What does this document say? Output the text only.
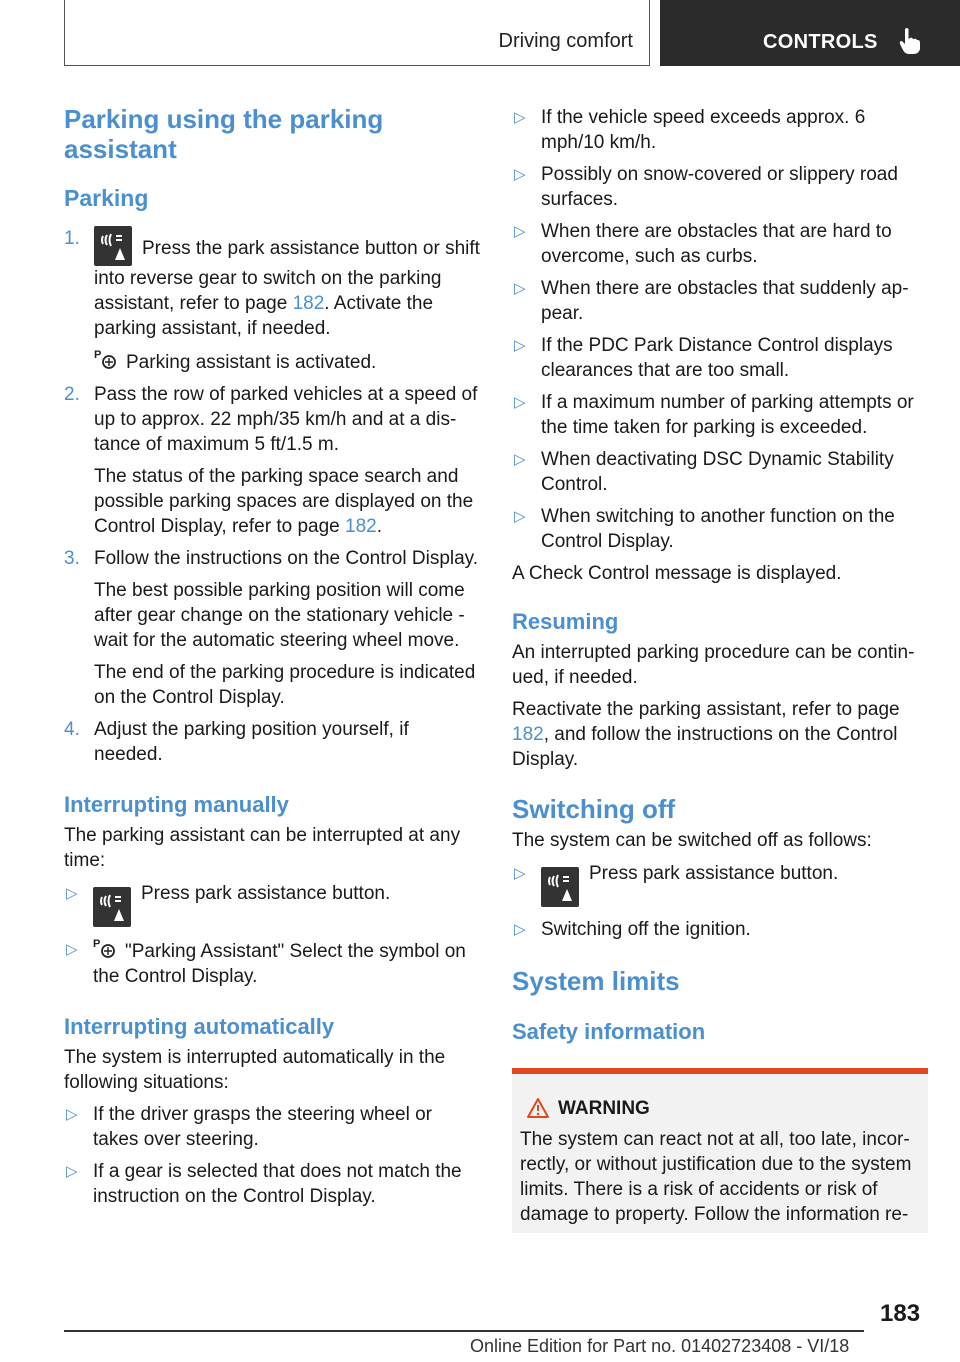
Driving comfort	CONTROLS
Parking using the parking assistant
Parking
1.	Press the park assistance button or shift into reverse gear to switch on the parking assistant, refer to page 182. Activate the parking assistant, if needed.

P Parking assistant is activated.

2. Pass the row of parked vehicles at a speed of up to approx. 22 mph/35 km/h and at a distance of maximum 5 ft/1.5 m.

The status of the parking space search and possible parking spaces are displayed on the Control Display, refer to page 182.

3. Follow the instructions on the Control Display.

The best possible parking position will come after gear change on the stationary vehicle - wait for the automatic steering wheel move.

The end of the parking procedure is indicated on the Control Display.

4. Adjust the parking position yourself, if needed.

Interrupting manually

The parking assistant can be interrupted at any time:

▷	Press park assistance button.
▷ P "Parking Assistant" Select the symbol on the Control Display.
Interrupting automatically

The system is interrupted automatically in the following situations:

▷ If the driver grasps the steering wheel or takes over steering.
▷ If a gear is selected that does not match the instruction on the Control Display.
▷ If the vehicle speed exceeds approx. 6 mph/10 km/h.
▷ Possibly on snow-covered or slippery road surfaces.
▷ When there are obstacles that are hard to overcome, such as curbs.
▷ When there are obstacles that suddenly appear.
▷ If the PDC Park Distance Control displays clearances that are too small.
▷ If a maximum number of parking attempts or the time taken for parking is exceeded.
▷ When deactivating DSC Dynamic Stability Control.
▷ When switching to another function on the Control Display.

A Check Control message is displayed.

Resuming

An interrupted parking procedure can be continued, if needed.

Reactivate the parking assistant, refer to page 182, and follow the instructions on the Control Display.

Switching off

The system can be switched off as follows:

▷	Press park assistance button.
▷ Switching off the ignition.
System limits
Safety information
WARNING

The system can react not at all, too late, incorrectly, or without justification due to the system limits. There is a risk of accidents or risk of damage to property. Follow the information re-

183
Online Edition for Part no. 01402723408 - VI/18
